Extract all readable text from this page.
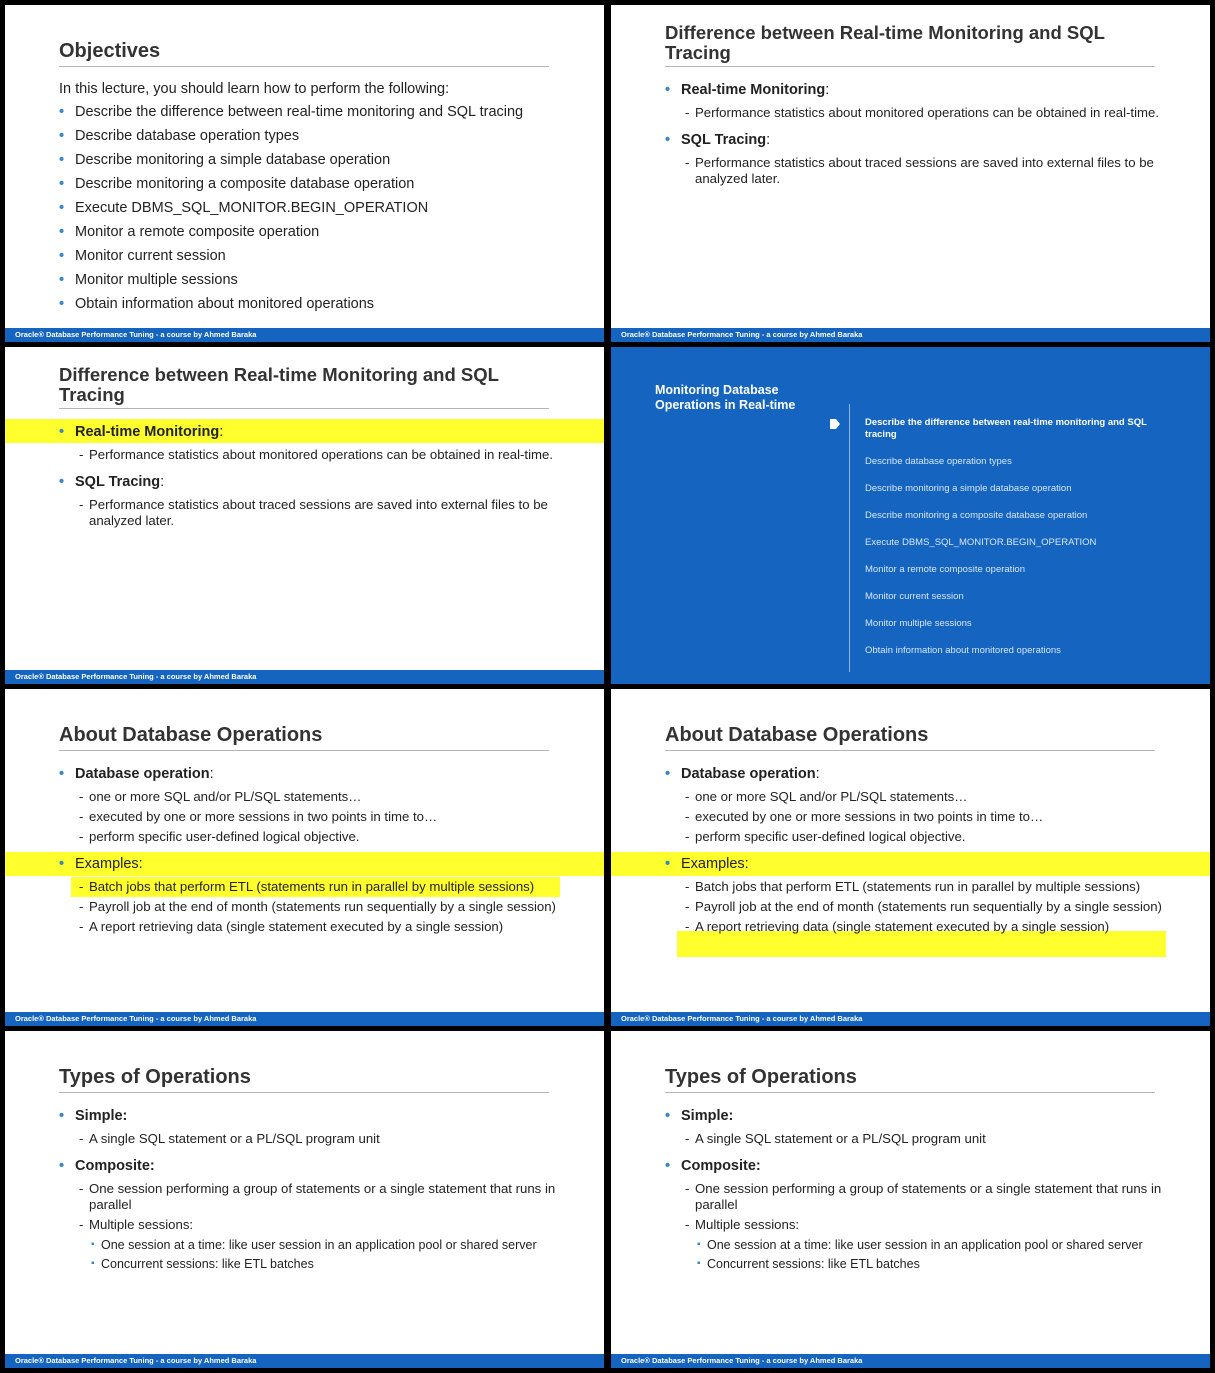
Objectives
In this lecture, you should learn how to perform the following:
• Describe the difference between real-time monitoring and SQL tracing
• Describe database operation types
• Describe monitoring a simple database operation
• Describe monitoring a composite database operation
• Execute DBMS_SQL_MONITOR.BEGIN_OPERATION
• Monitor a remote composite operation
• Monitor current session
• Monitor multiple sessions
• Obtain information about monitored operations
Oracle® Database Performance Tuning - a course by Ahmed Baraka
Difference between Real-time Monitoring and SQL Tracing
• Real-time Monitoring:
- Performance statistics about monitored operations can be obtained in real-time.
• SQL Tracing:
- Performance statistics about traced sessions are saved into external files to be analyzed later.
Oracle® Database Performance Tuning - a course by Ahmed Baraka
Difference between Real-time Monitoring and SQL Tracing
• Real-time Monitoring:
- Performance statistics about monitored operations can be obtained in real-time.
• SQL Tracing:
- Performance statistics about traced sessions are saved into external files to be analyzed later.
Oracle® Database Performance Tuning - a course by Ahmed Baraka
Monitoring Database Operations in Real-time
Describe the difference between real-time monitoring and SQL tracing
Describe database operation types
Describe monitoring a simple database operation
Describe monitoring a composite database operation
Execute DBMS_SQL_MONITOR.BEGIN_OPERATION
Monitor a remote composite operation
Monitor current session
Monitor multiple sessions
Obtain information about monitored operations
About Database Operations
• Database operation:
- one or more SQL and/or PL/SQL statements…
- executed by one or more sessions in two points in time to…
- perform specific user-defined logical objective.
• Examples:
- Batch jobs that perform ETL (statements run in parallel by multiple sessions)
- Payroll job at the end of month (statements run sequentially by a single session)
- A report retrieving data (single statement executed by a single session)
Oracle® Database Performance Tuning - a course by Ahmed Baraka
About Database Operations
• Database operation:
- one or more SQL and/or PL/SQL statements…
- executed by one or more sessions in two points in time to…
- perform specific user-defined logical objective.
• Examples:
- Batch jobs that perform ETL (statements run in parallel by multiple sessions)
- Payroll job at the end of month (statements run sequentially by a single session)
- A report retrieving data (single statement executed by a single session)
Oracle® Database Performance Tuning - a course by Ahmed Baraka
Types of Operations
• Simple:
- A single SQL statement or a PL/SQL program unit
• Composite:
- One session performing a group of statements or a single statement that runs in parallel
- Multiple sessions:
▪ One session at a time: like user session in an application pool or shared server
▪ Concurrent sessions: like ETL batches
Oracle® Database Performance Tuning - a course by Ahmed Baraka
Types of Operations
• Simple:
- A single SQL statement or a PL/SQL program unit
• Composite:
- One session performing a group of statements or a single statement that runs in parallel
- Multiple sessions:
▪ One session at a time: like user session in an application pool or shared server
▪ Concurrent sessions: like ETL batches
Oracle® Database Performance Tuning - a course by Ahmed Baraka
